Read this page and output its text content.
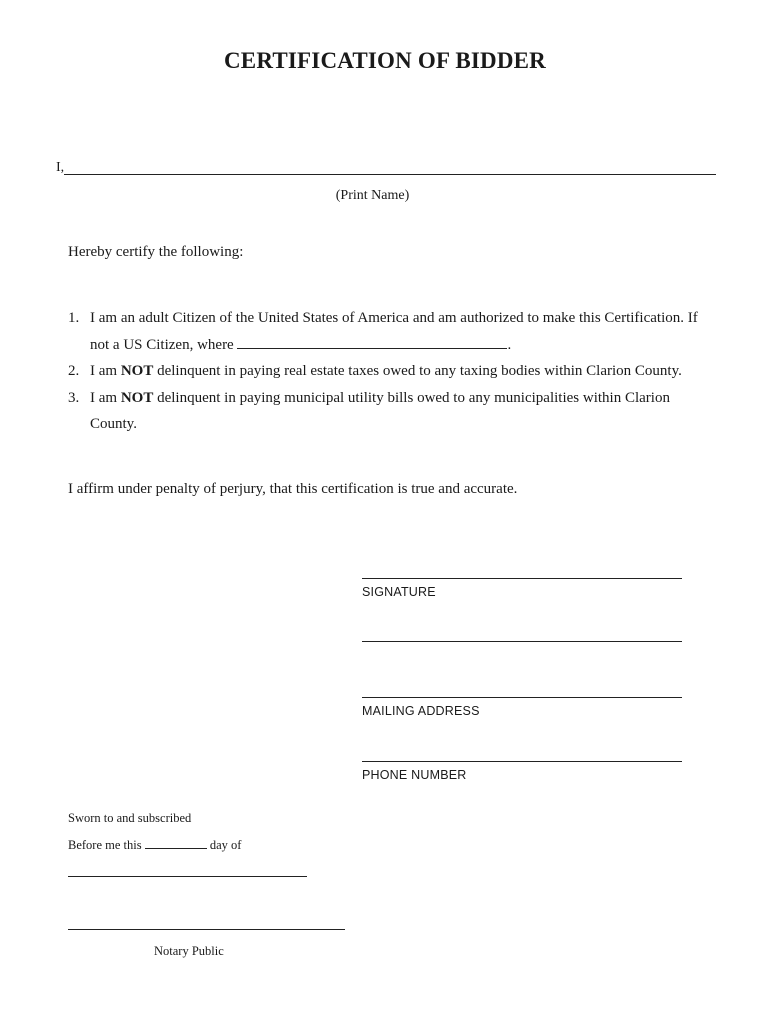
CERTIFICATION OF BIDDER
I,
(Print Name)
Hereby certify the following:
1. I am an adult Citizen of the United States of America and am authorized to make this Certification. If
not a US Citizen, where	.
2. I am NOT delinquent in paying real estate taxes owed to any taxing bodies within Clarion County.
3. I am NOT delinquent in paying municipal utility bills owed to any municipalities within Clarion County.
I affirm under penalty of perjury, that this certification is true and accurate.
SIGNATURE
MAILING ADDRESS
PHONE NUMBER
Sworn to and subscribed
Before me this	day of
Notary Public
